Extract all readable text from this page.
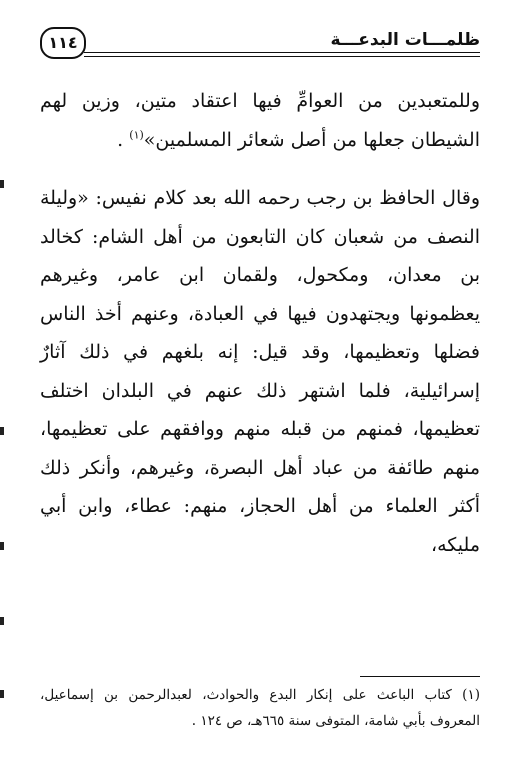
١١٤	ظلمـــات البدعـــة

وللمتعبدين من العوامِّ فيها اعتقاد متين، وزين لهم الشيطان جعلها من أصل شعائر المسلمين»$^{(١)}$ .

وقال الحافظ بن رجب رحمه الله بعد كلام نفيس: «وليلة النصف من شعبان كان التابعون من أهل الشام: كخالد بن معدان، ومكحول، ولقمان ابن عامر، وغيرهم يعظمونها ويجتهدون فيها في العبادة، وعنهم أخذ الناس فضلها وتعظيمها، وقد قيل: إنه بلغهم في ذلك آثارٌ إسرائيلية، فلما اشتهر ذلك عنهم في البلدان اختلف تعظيمها، فمنهم من قبله منهم ووافقهم على تعظيمها، منهم طائفة من عباد أهل البصرة، وغيرهم، وأنكر ذلك أكثر العلماء من أهل الحجاز، منهم: عطاء، وابن أبي مليكه،

(١) كتاب الباعث على إنكار البدع والحوادث، لعبدالرحمن بن إسماعيل، المعروف بأبي شامة، المتوفى سنة ٦٦٥هـ، ص ١٢٤ .
